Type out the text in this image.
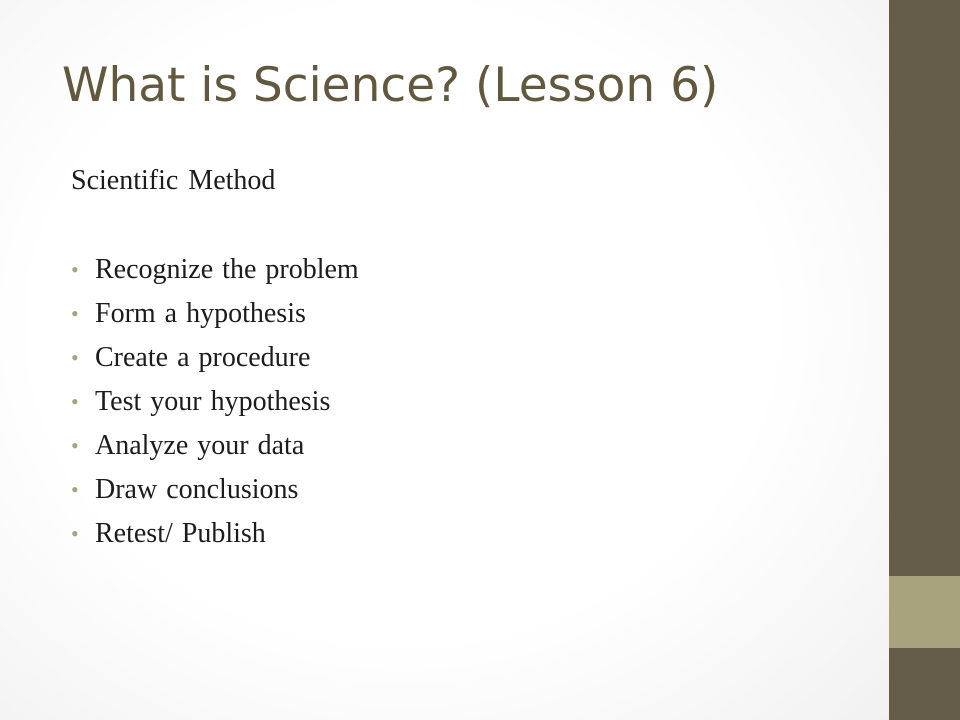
What is Science? (Lesson 6)

Scientific Method

• Recognize the problem
• Form a hypothesis
• Create a procedure
• Test your hypothesis
• Analyze your data
• Draw conclusions
• Retest/ Publish
